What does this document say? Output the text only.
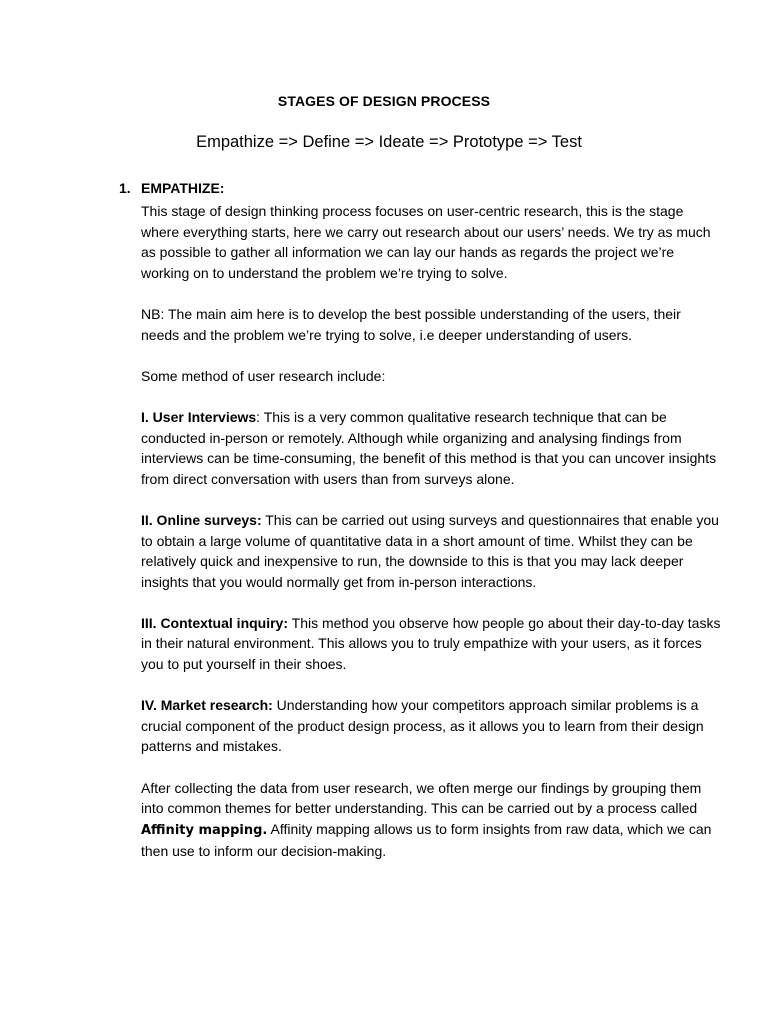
STAGES OF DESIGN PROCESS
Empathize => Define => Ideate => Prototype => Test
1. EMPATHIZE:

This stage of design thinking process focuses on user-centric research, this is the stage where everything starts, here we carry out research about our users’ needs. We try as much as possible to gather all information we can lay our hands as regards the project we’re working on to understand the problem we’re trying to solve.

NB: The main aim here is to develop the best possible understanding of the users, their needs and the problem we’re trying to solve, i.e deeper understanding of users.

Some method of user research include:

I. User Interviews: This is a very common qualitative research technique that can be conducted in-person or remotely. Although while organizing and analysing findings from interviews can be time-consuming, the benefit of this method is that you can uncover insights from direct conversation with users than from surveys alone.

II. Online surveys: This can be carried out using surveys and questionnaires that enable you to obtain a large volume of quantitative data in a short amount of time. Whilst they can be relatively quick and inexpensive to run, the downside to this is that you may lack deeper insights that you would normally get from in-person interactions.

III. Contextual inquiry: This method you observe how people go about their day-to-day tasks in their natural environment. This allows you to truly empathize with your users, as it forces you to put yourself in their shoes.

IV. Market research: Understanding how your competitors approach similar problems is a crucial component of the product design process, as it allows you to learn from their design patterns and mistakes.

After collecting the data from user research, we often merge our findings by grouping them into common themes for better understanding. This can be carried out by a process called Affinity mapping. Affinity mapping allows us to form insights from raw data, which we can then use to inform our decision-making.
